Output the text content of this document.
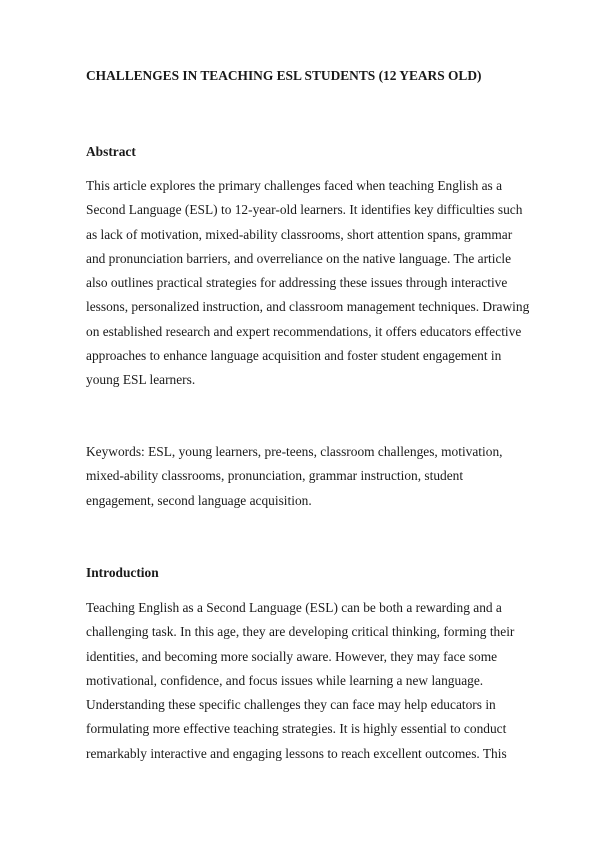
CHALLENGES IN TEACHING ESL STUDENTS (12 YEARS OLD)
Abstract
This article explores the primary challenges faced when teaching English as a
Second Language (ESL) to 12-year-old learners. It identifies key difficulties such
as lack of motivation, mixed-ability classrooms, short attention spans, grammar
and pronunciation barriers, and overreliance on the native language. The article
also outlines practical strategies for addressing these issues through interactive
lessons, personalized instruction, and classroom management techniques. Drawing
on established research and expert recommendations, it offers educators effective
approaches to enhance language acquisition and foster student engagement in
young ESL learners.
Keywords: ESL, young learners, pre-teens, classroom challenges, motivation,
mixed-ability classrooms, pronunciation, grammar instruction, student
engagement, second language acquisition.
Introduction
Teaching English as a Second Language (ESL) can be both a rewarding and a
challenging task. In this age, they are developing critical thinking, forming their
identities, and becoming more socially aware. However, they may face some
motivational, confidence, and focus issues while learning a new language.
Understanding these specific challenges they can face may help educators in
formulating more effective teaching strategies. It is highly essential to conduct
remarkably interactive and engaging lessons to reach excellent outcomes. This
